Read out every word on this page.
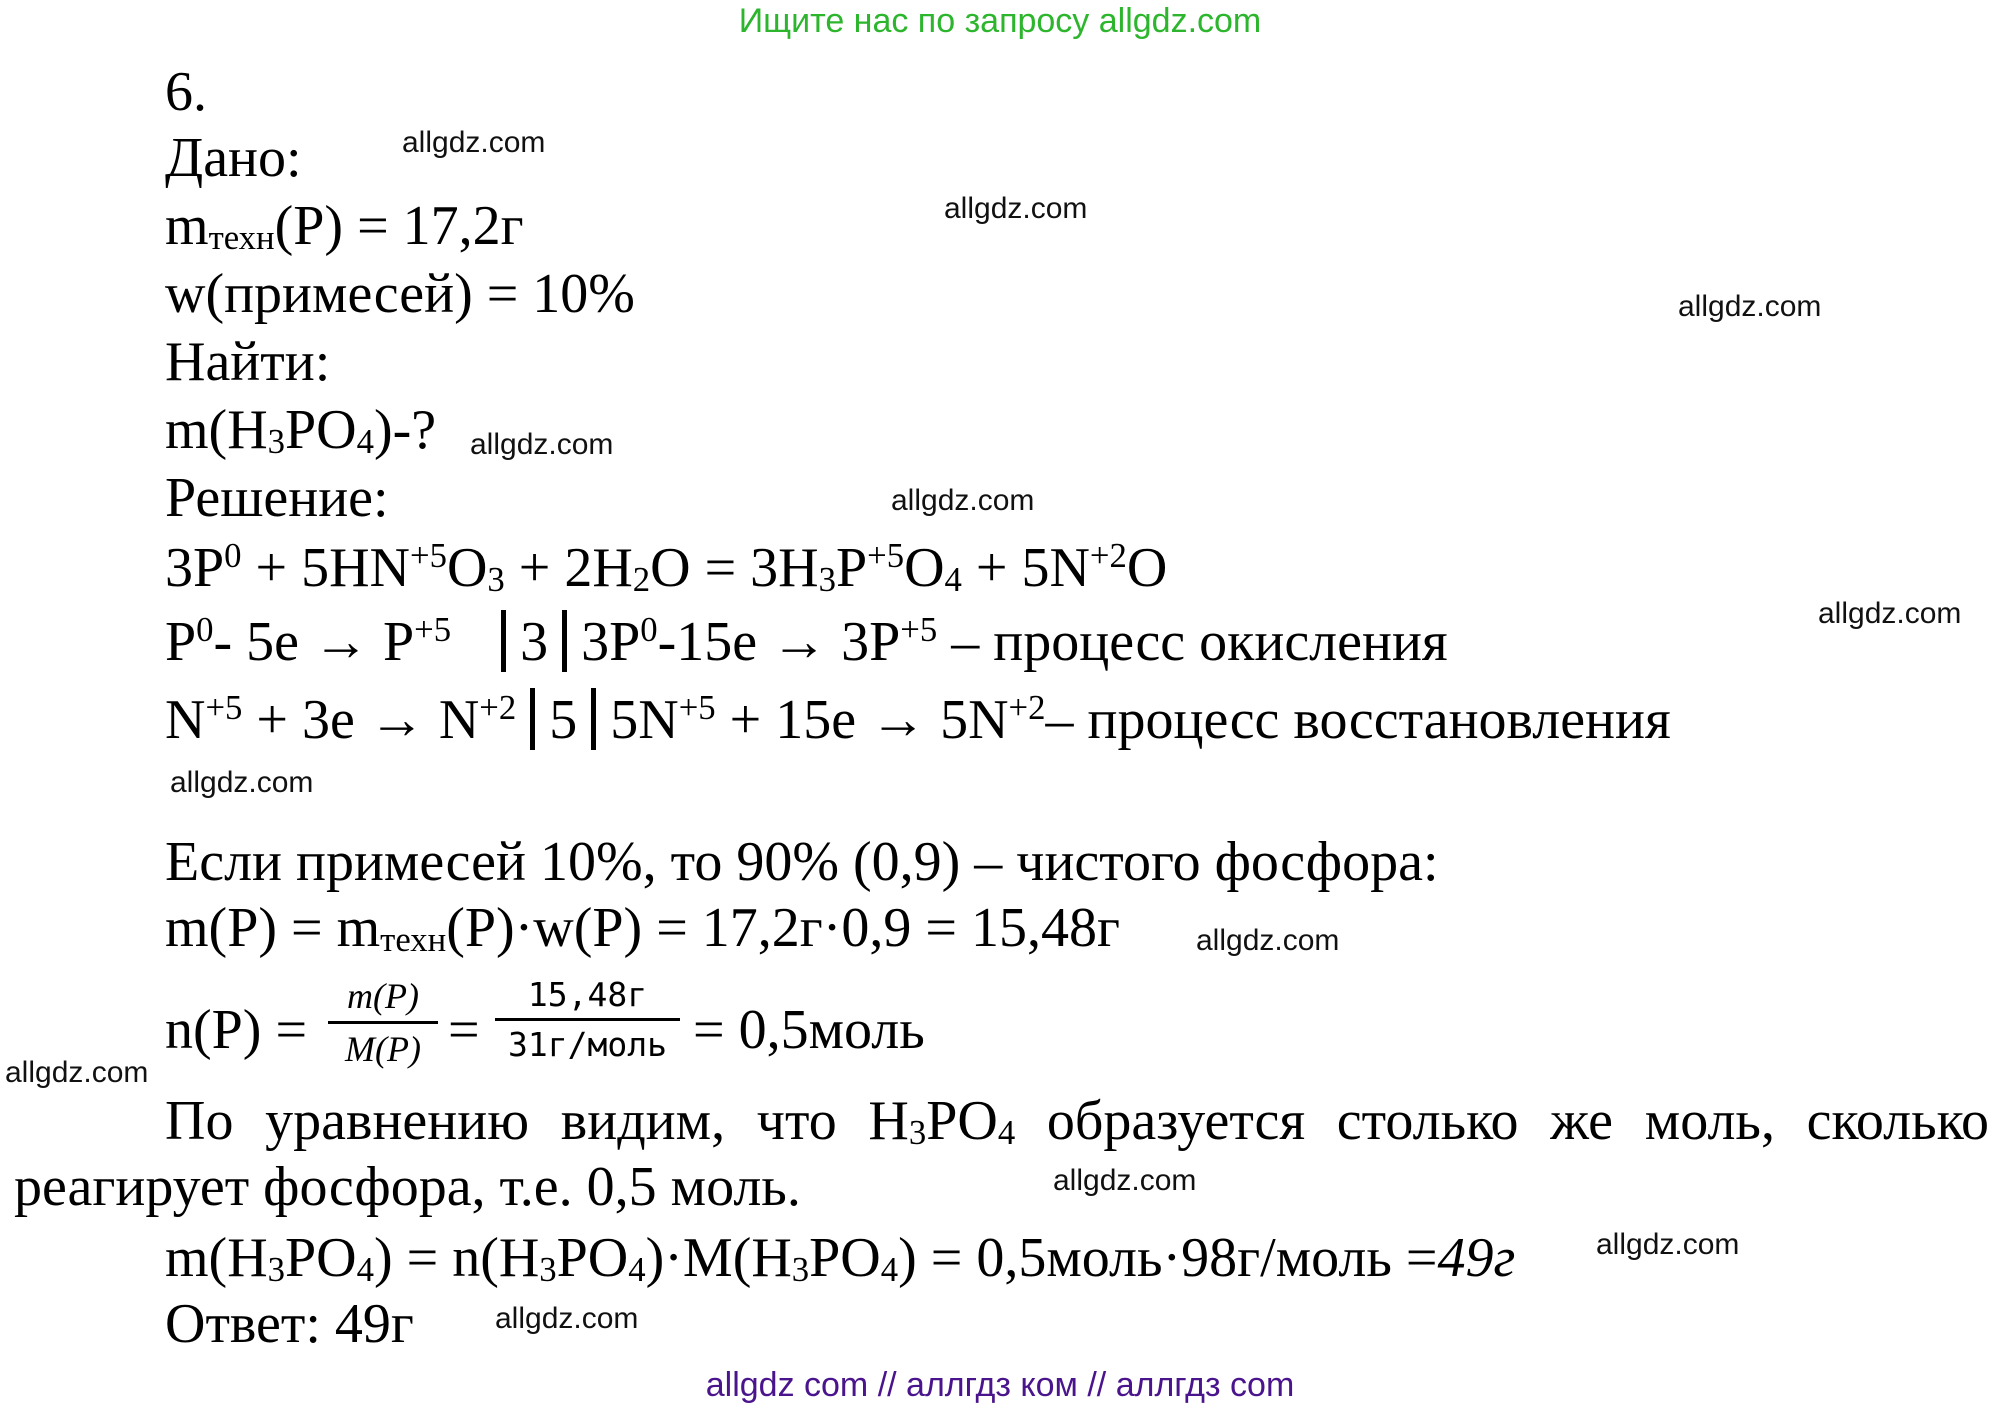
Ищите нас по запросу allgdz.com
6.
Дано:
$m_{техн}(P) = 17,2г$
w(примесей) = 10%
Найти:
$m(H_3PO_4)-$?
Решение:
$3P^0 + 5HN^{+5}O_3 + 2H_2O = 3H_3P^{+5}O_4 + 5N^{+2}O$
$P^0-$ $5e \to P^{+5}$ 3 $3P^0-15e \to 3P^{+5}$ – процесс окисления
$N^{+5} + 3e \to N^{+2}$ 5 $5N^{+5} + 15e \to 5N^{+2}-$ процесс восстановления
Если примесей 10%, то 90% (0,9) – чистого фосфора:
$m(P) = m_{техн}(P)\cdot w(P) = 17,2г\cdot 0,9 = 15,48г$
n(P) =
m(P)
M(P) =
15,48г
31г/моль = 0,5моль
По уравнению видим, что $H_3PO_4$ образуется столько же моль, сколько реагирует фосфора, т.е. 0,5 моль.
$m(H_3PO_4) = n(H_3PO_4)\cdot M(H_3PO_4)$ = 0,5моль·98г/моль =49г
Ответ: 49г
allgdz.com
allgdz.com
allgdz.com
allgdz.com
allgdz.com
allgdz.com
allgdz.com
allgdz.com
allgdz.com
allgdz.com
allgdz.com
allgdz.com
allgdz com // аллгдз ком // аллгдз com
